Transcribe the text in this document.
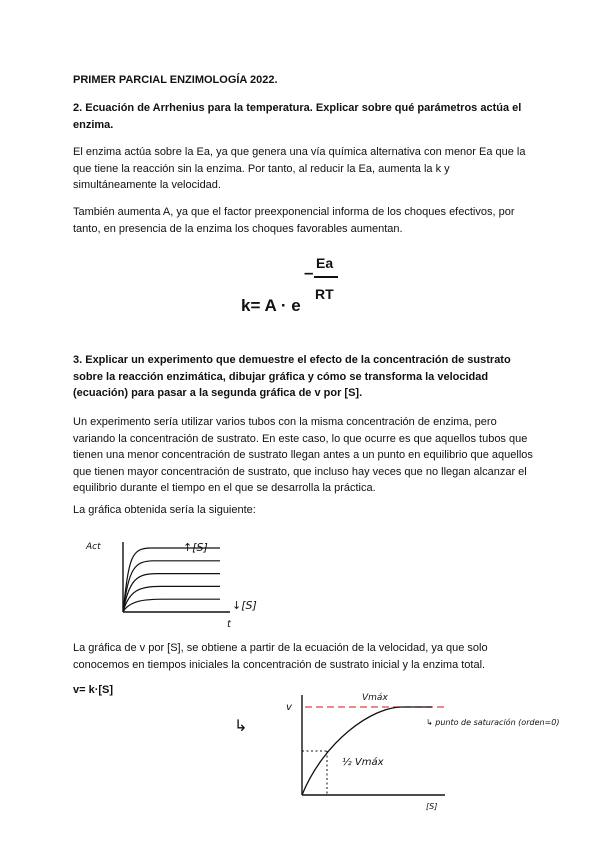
PRIMER PARCIAL ENZIMOLOGÍA 2022.
2. Ecuación de Arrhenius para la temperatura. Explicar sobre qué parámetros actúa el enzima.
El enzima actúa sobre la Ea, ya que genera una vía química alternativa con menor Ea que la que tiene la reacción sin la enzima. Por tanto, al reducir la Ea, aumenta la k y simultáneamente la velocidad.
También aumenta A, ya que el factor preexponencial informa de los choques efectivos, por tanto, en presencia de la enzima los choques favorables aumentan.
k= A · e
– Ea
RT
3. Explicar un experimento que demuestre el efecto de la concentración de sustrato sobre la reacción enzimática, dibujar gráfica y cómo se transforma la velocidad (ecuación) para pasar a la segunda gráfica de v por [S].
Un experimento sería utilizar varios tubos con la misma concentración de enzima, pero variando la concentración de sustrato. En este caso, lo que ocurre es que aquellos tubos que tienen una menor concentración de sustrato llegan antes a un punto en equilibrio que aquellos que tienen mayor concentración de sustrato, que incluso hay veces que no llegan alcanzar el equilibrio durante el tiempo en el que se desarrolla la práctica.
La gráfica obtenida sería la siguiente:
Act
t
↑[S]
↓[S]
La gráfica de v por [S], se obtiene a partir de la ecuación de la velocidad, ya que solo conocemos en tiempos iniciales la concentración de sustrato inicial y la enzima total.
v= k·[S]
v
[S]
Vmáx
½ Vmáx
↳ punto de saturación (orden=0)
↳
